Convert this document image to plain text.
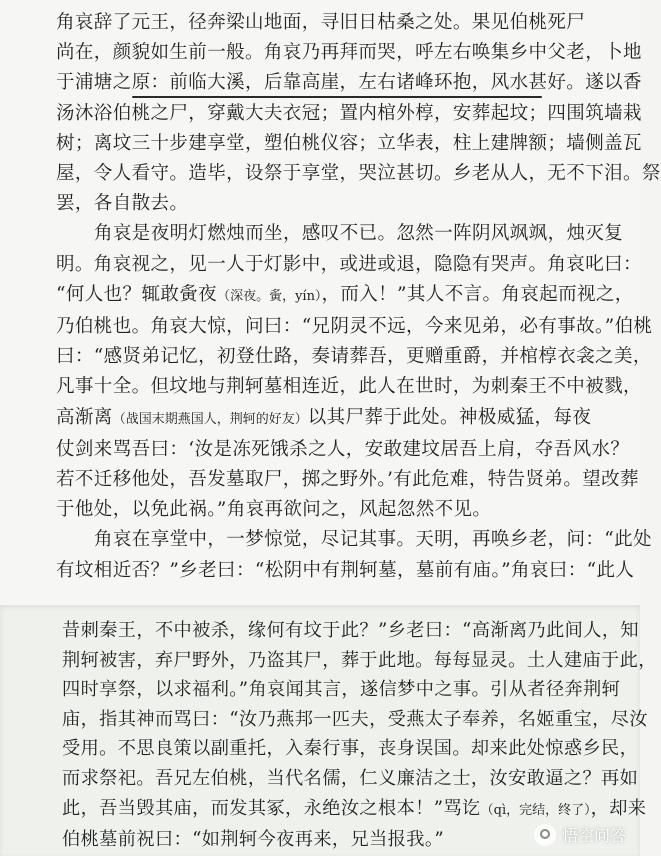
角哀辞了元王，径奔梁山地面，寻旧日枯桑之处。果见伯桃死尸
尚在，颜貌如生前一般。角哀乃再拜而哭，呼左右唤集乡中父老，卜地
于浦塘之原：前临大溪，后靠高崖，左右诸峰环抱，风水甚好。遂以香
汤沐浴伯桃之尸，穿戴大夫衣冠；置内棺外椁，安葬起坟；四围筑墙栽
树；离坟三十步建享堂，塑伯桃仪容；立华表，柱上建牌额；墙侧盖瓦
屋，令人看守。造毕，设祭于享堂，哭泣甚切。乡老从人，无不下泪。祭
罢，各自散去。
角哀是夜明灯燃烛而坐，感叹不已。忽然一阵阴风飒飒，烛灭复
明。角哀视之，见一人于灯影中，或进或退，隐隐有哭声。角哀叱曰：
“何人也？辄敢夤夜（深夜。夤，yín），而入！”其人不言。角哀起而视之，
乃伯桃也。角哀大惊，问曰：“兄阴灵不远，今来见弟，必有事故。”伯桃
曰：“感贤弟记忆，初登仕路，奏请葬吾，更赠重爵，并棺椁衣衾之美，
凡事十全。但坟地与荆轲墓相连近，此人在世时，为刺秦王不中被戮，
高渐离（战国末期燕国人，荆轲的好友）以其尸葬于此处。神极威猛，每夜
仗剑来骂吾曰：‘汝是冻死饿杀之人，安敢建坟居吾上肩，夺吾风水？
若不迁移他处，吾发墓取尸，掷之野外。’有此危难，特告贤弟。望改葬
于他处，以免此祸。”角哀再欲问之，风起忽然不见。
角哀在享堂中，一梦惊觉，尽记其事。天明，再唤乡老，问：“此处
有坟相近否？”乡老曰：“松阴中有荆轲墓，墓前有庙。”角哀曰：“此人
昔刺秦王，不中被杀，缘何有坟于此？”乡老曰：“高渐离乃此间人，知
荆轲被害，弃尸野外，乃盗其尸，葬于此地。每每显灵。土人建庙于此，
四时享祭，以求福利。”角哀闻其言，遂信梦中之事。引从者径奔荆轲
庙，指其神而骂曰：“汝乃燕邦一匹夫，受燕太子奉养，名姬重宝，尽汝
受用。不思良策以副重托，入秦行事，丧身误国。却来此处惊惑乡民，
而求祭祀。吾兄左伯桃，当代名儒，仁义廉洁之士，汝安敢逼之？再如
此，吾当毁其庙，而发其冢，永绝汝之根本！”骂讫（qì，完结，终了），却来
伯桃墓前祝曰：“如荆轲今夜再来，兄当报我。”	悟空问答
